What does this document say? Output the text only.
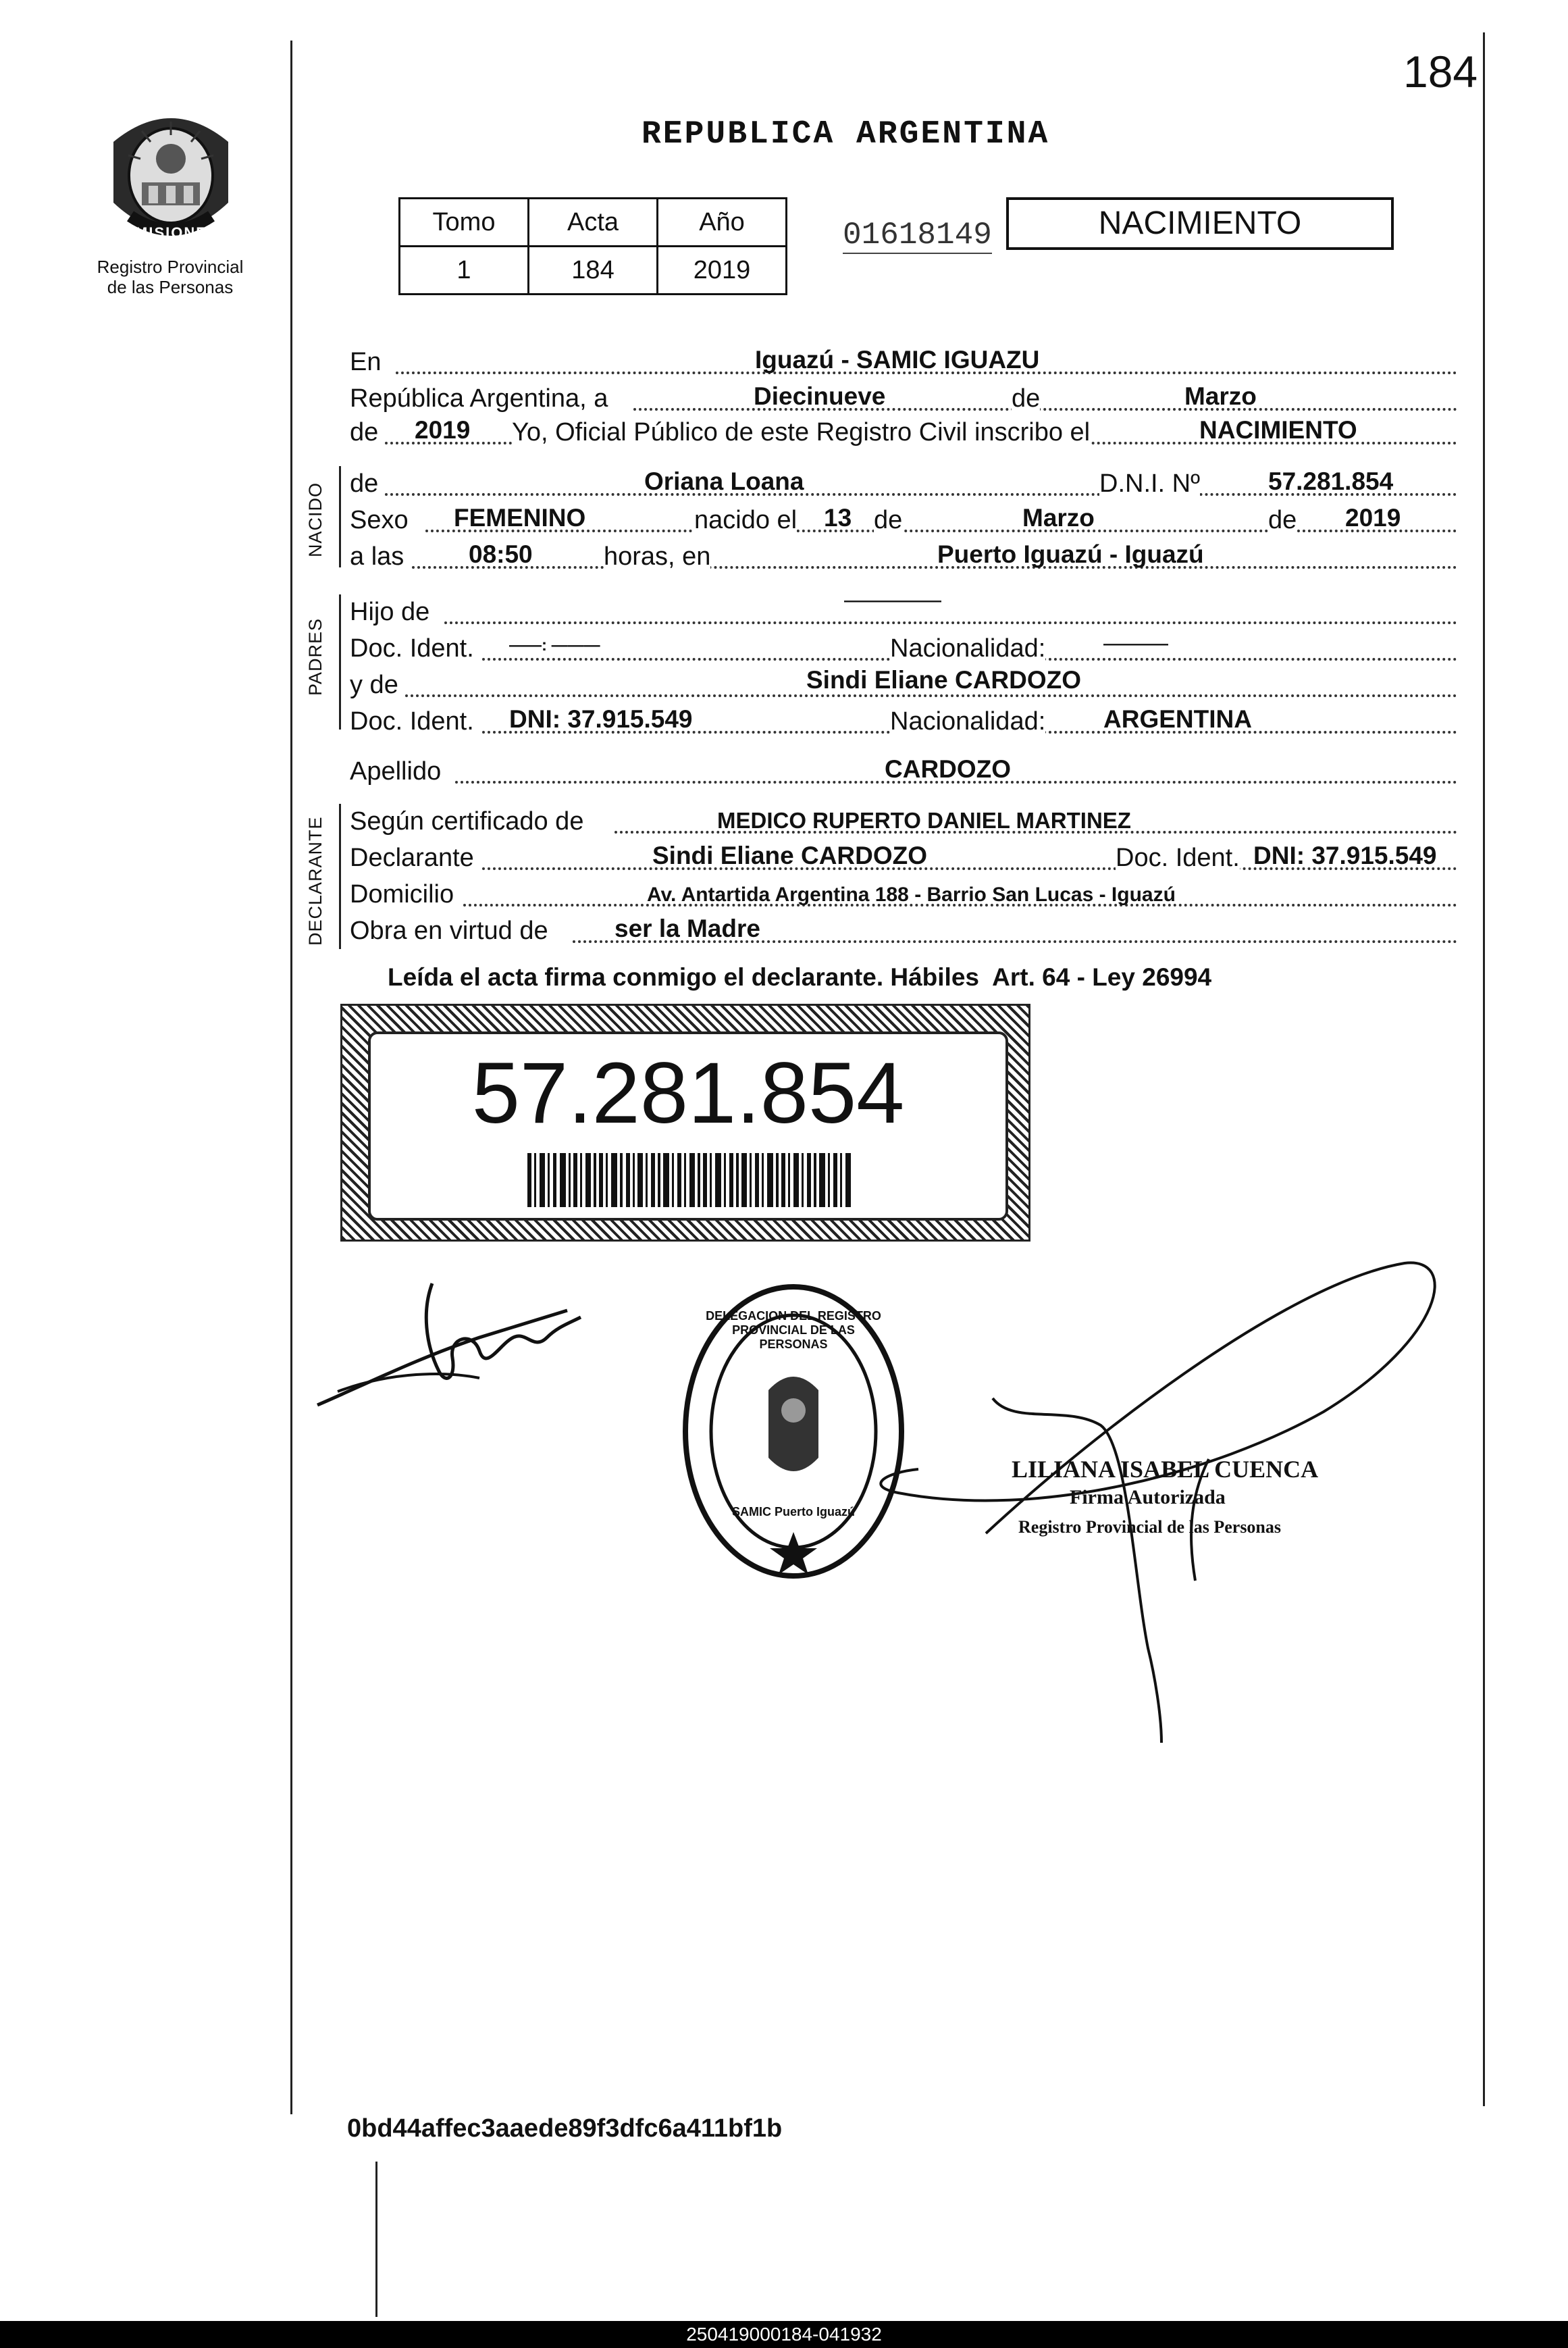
184
PROVINCIA DE
MISIONES
Registro Provincial
de las Personas
REPUBLICA ARGENTINA
Tomo	Acta	Año
1	184	2019
01618149	NACIMIENTO
NACIDO
PADRES
DECLARANTE
En	Iguazú - SAMIC IGUAZU
República Argentina, a	Diecinueve	de	Marzo
de 2019 Yo, Oficial Público de este Registro Civil inscribo el	NACIMIENTO
de	Oriana Loana	D.N.I. Nº	57.281.854
Sexo FEMENINO	nacido el 13 de	Marzo	de 2019
a las	08:50	horas, en	Puerto Iguazú - Iguazú
Hijo de	——————
Doc. Ident. ——: ———	Nacionalidad:	————
y de	Sindi Eliane CARDOZO
Doc. Ident. DNI: 37.915.549	Nacionalidad: ARGENTINA
Apellido	CARDOZO
Según certificado de	MEDICO RUPERTO DANIEL MARTINEZ
Declarante	Sindi Eliane CARDOZO	Doc. Ident. DNI: 37.915.549
Domicilio	Av. Antartida Argentina 188 - Barrio San Lucas - Iguazú
Obra en virtud de	ser la Madre
Leída el acta firma conmigo el declarante. Hábiles  Art. 64 - Ley 26994
57.281.854
DELEGACION DEL REGISTRO PROVINCIAL DE LAS PERSONAS
SAMIC Puerto Iguazú
LILIANA ISABEL CUENCA
Firma Autorizada
Registro Provincial de las Personas
0bd44affec3aaede89f3dfc6a411bf1b
250419000184-041932
